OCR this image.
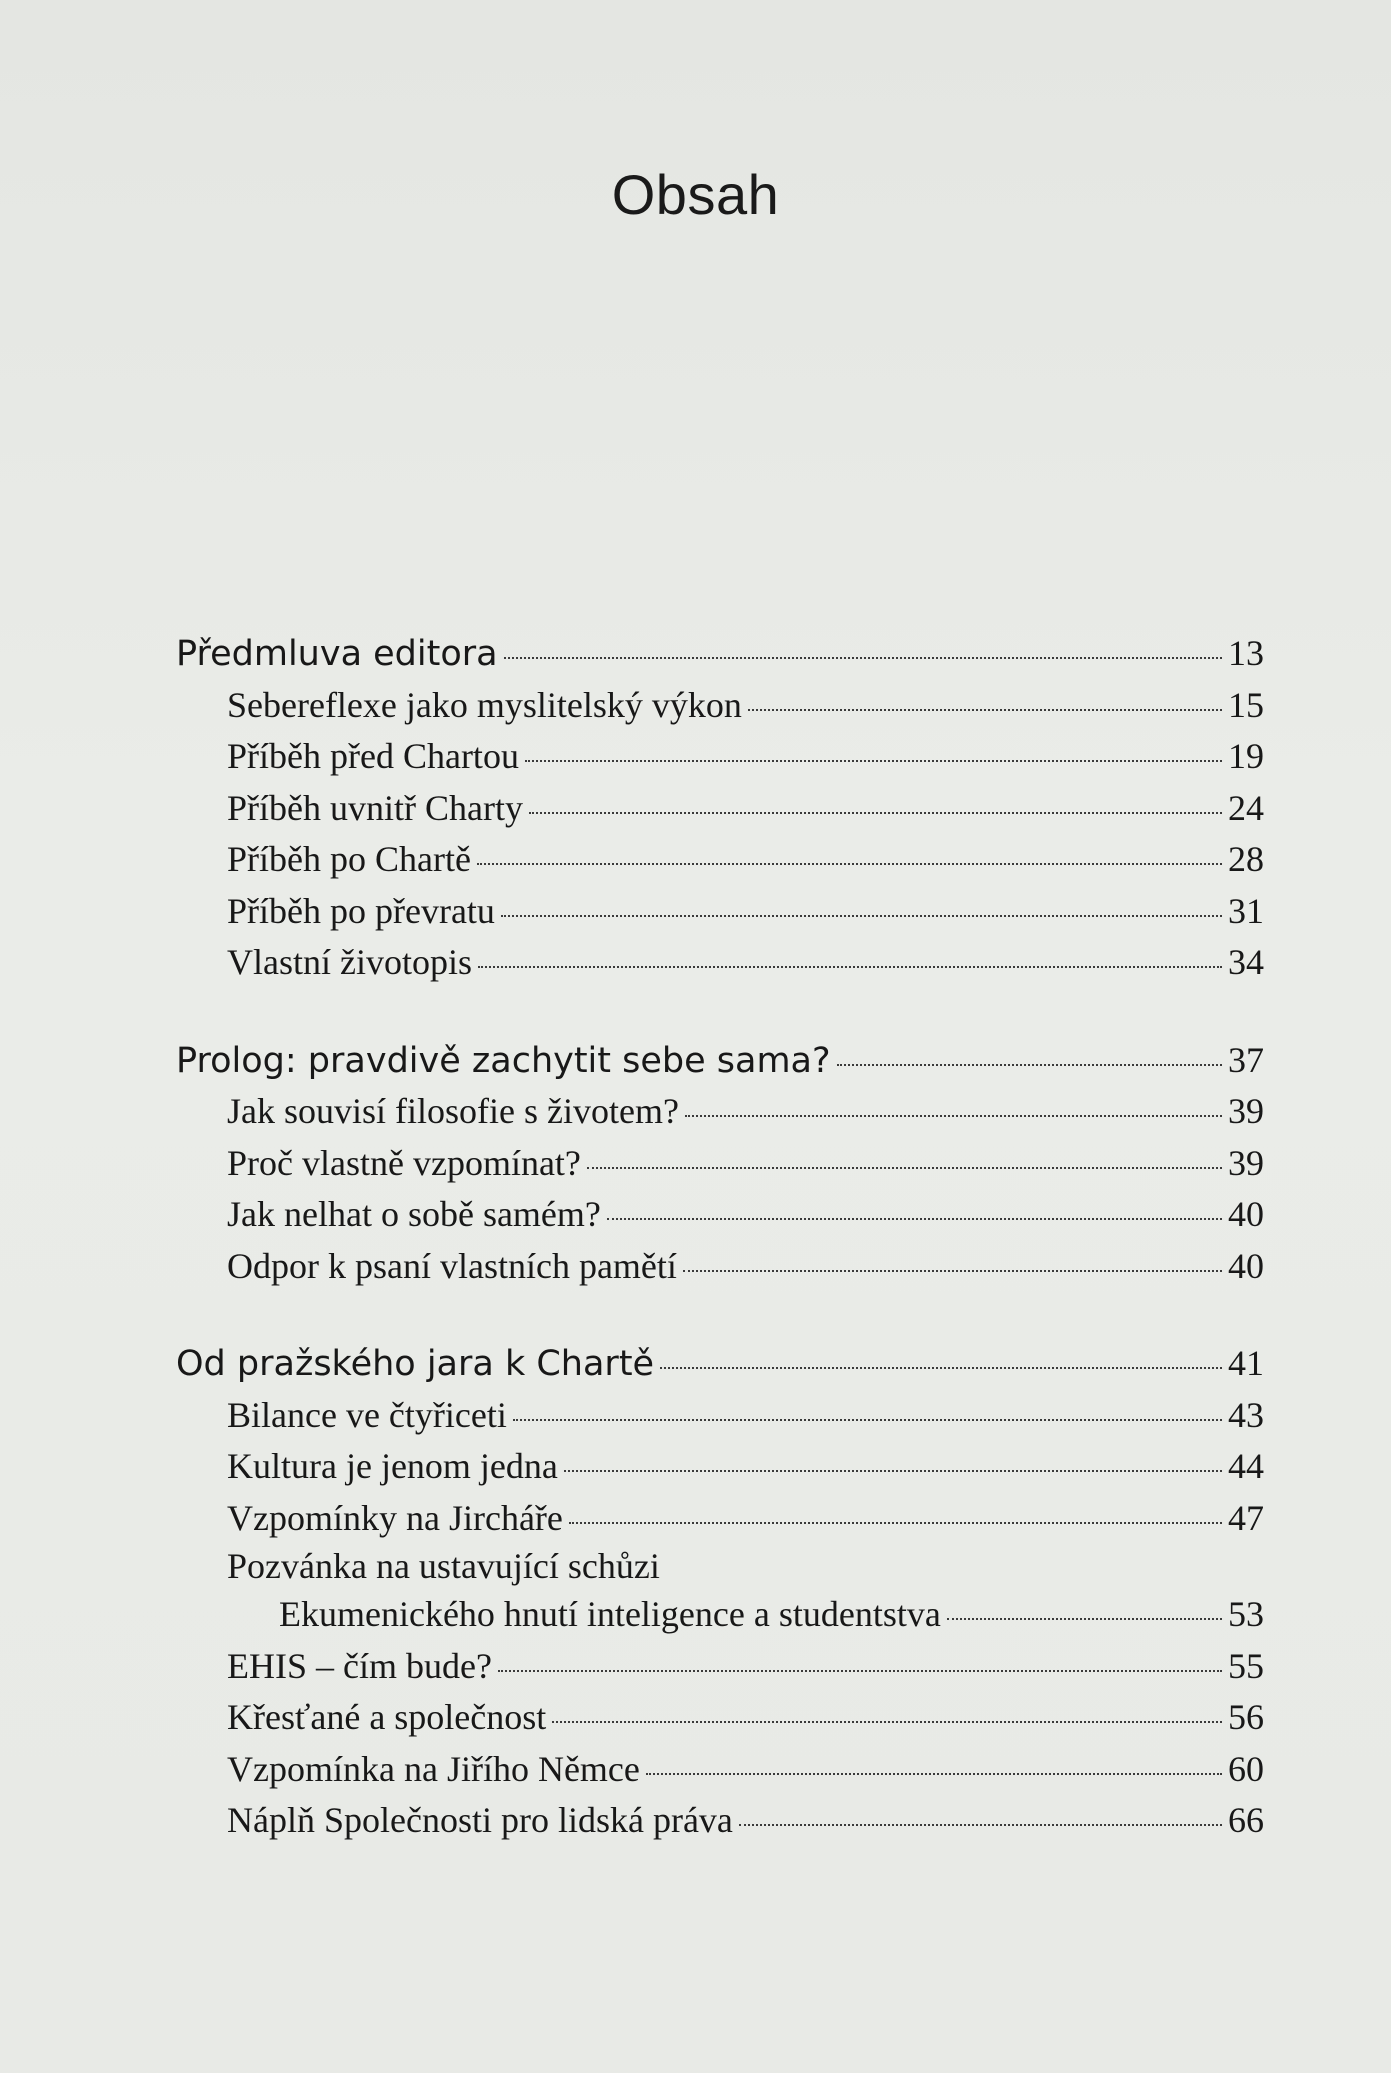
Obsah
Předmluva editora	13
Sebereflexe jako myslitelský výkon	15
Příběh před Chartou	19
Příběh uvnitř Charty	24
Příběh po Chartě	28
Příběh po převratu	31
Vlastní životopis	34
Prolog: pravdivě zachytit sebe sama?	37
Jak souvisí filosofie s životem?	39
Proč vlastně vzpomínat?	39
Jak nelhat o sobě samém?	40
Odpor k psaní vlastních pamětí	40
Od pražského jara k Chartě	41
Bilance ve čtyřiceti	43
Kultura je jenom jedna	44
Vzpomínky na Jircháře	47
Pozvánka na ustavující schůzi
Ekumenického hnutí inteligence a studentstva	53
EHIS – čím bude?	55
Křesťané a společnost	56
Vzpomínka na Jiřího Němce	60
Náplň Společnosti pro lidská práva	66
